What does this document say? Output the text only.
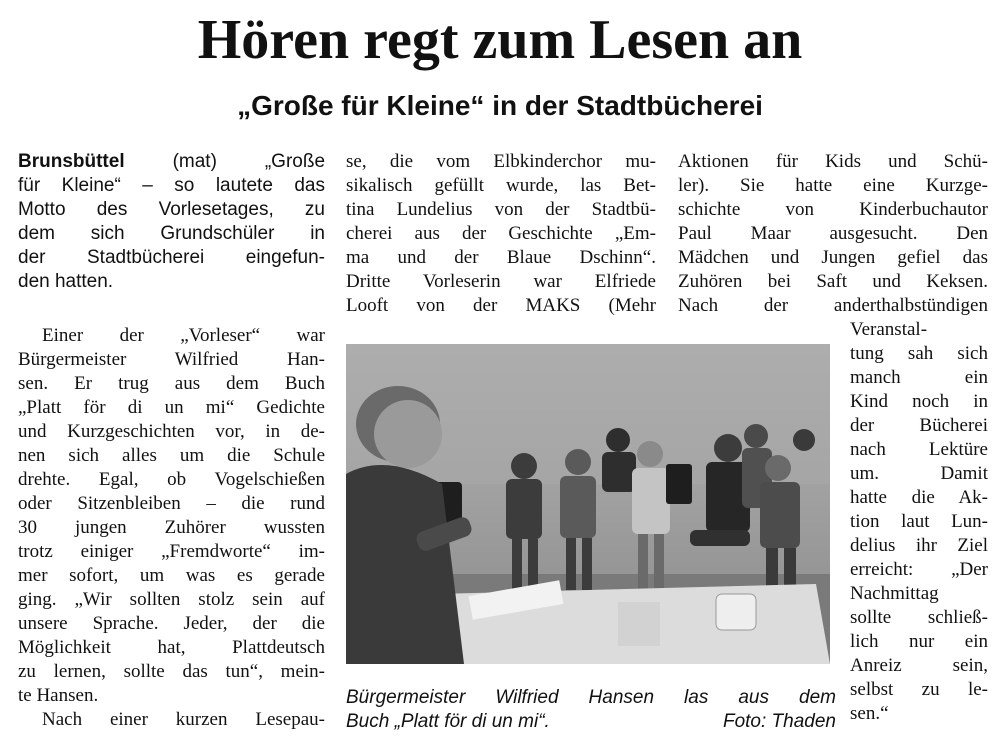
Hören regt zum Lesen an
„Große für Kleine“ in der Stadtbücherei
Brunsbüttel	(mat) „Große
für Kleine“ – so lautete das
Motto des Vorlesetages, zu
dem sich Grundschüler in
der Stadtbücherei eingefun-
den hatten.
Einer der „Vorleser“ war
Bürgermeister Wilfried Han-
sen. Er trug aus dem Buch
„Platt för di un mi“ Gedichte
und Kurzgeschichten vor, in de-
nen sich alles um die Schule
drehte. Egal, ob Vogelschießen
oder Sitzenbleiben – die rund
30 jungen Zuhörer wussten
trotz einiger „Fremdworte“ im-
mer sofort, um was es gerade
ging. „Wir sollten stolz sein auf
unsere Sprache. Jeder, der die
Möglichkeit hat, Plattdeutsch
zu lernen, sollte das tun“, mein-
te Hansen.
Nach einer kurzen Lesepau-
se, die vom Elbkinderchor mu-
sikalisch gefüllt wurde, las Bet-
tina Lundelius von der Stadtbü-
cherei aus der Geschichte „Em-
ma und der Blaue Dschinn“.
Dritte Vorleserin war Elfriede
Looft von der MAKS (Mehr
Aktionen für Kids und Schü-
ler). Sie hatte eine Kurzge-
schichte von Kinderbuchautor
Paul Maar ausgesucht. Den
Mädchen und Jungen gefiel das
Zuhören bei Saft und Keksen.
Nach der anderthalbstündigen
Veranstal-
tung sah sich
manch ein
Kind noch in
der Bücherei
nach Lektüre
um. Damit
hatte die Ak-
tion laut Lun-
delius ihr Ziel
erreicht: „Der
Nachmittag
sollte schließ-
lich nur ein
Anreiz sein,
selbst zu le-
sen.“
Bürgermeister Wilfried Hansen las aus dem
Buch „Platt för di un mi“.	Foto: Thaden
